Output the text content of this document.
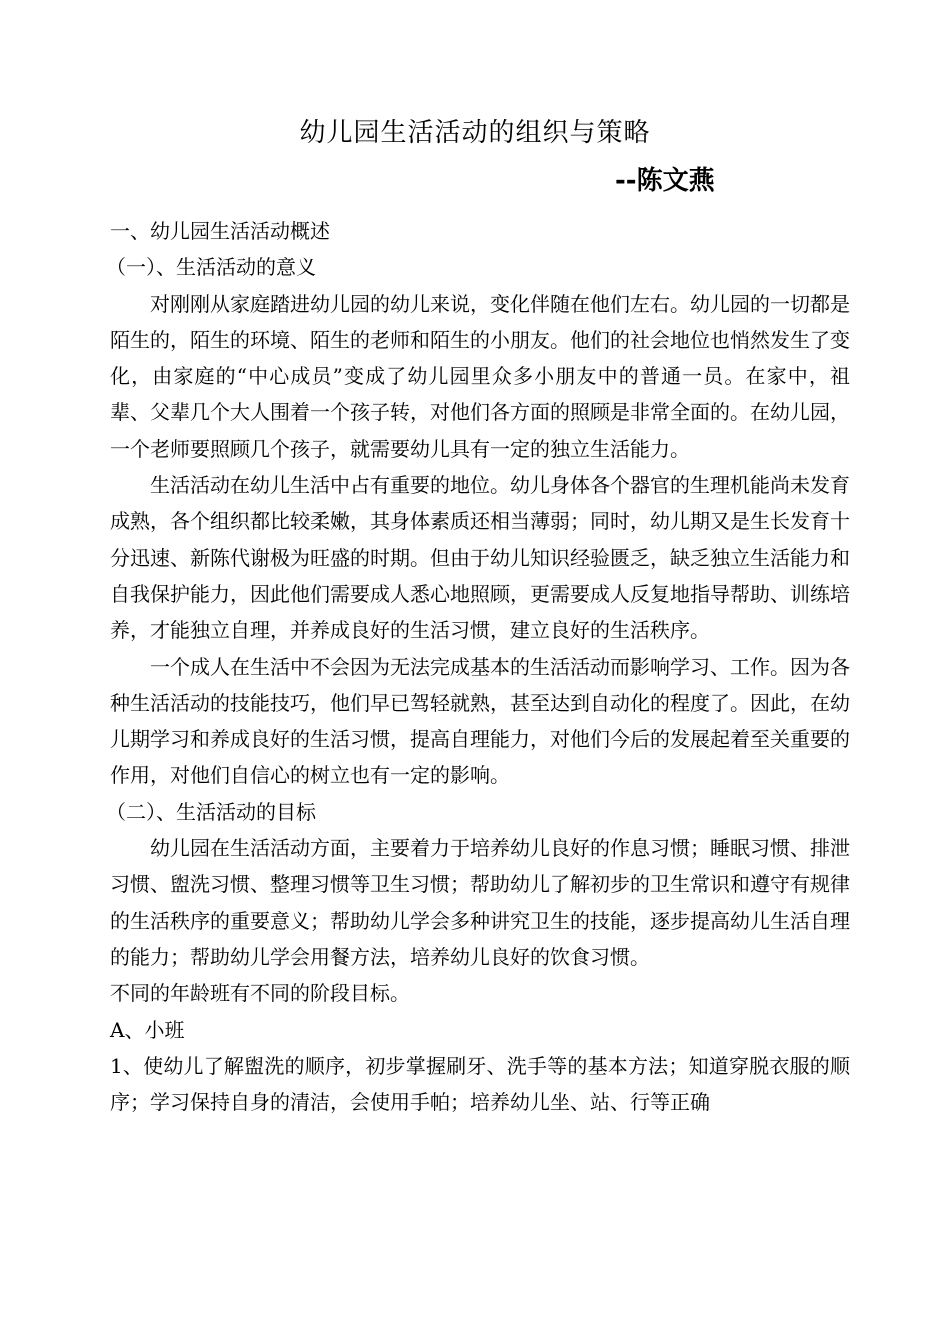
幼儿园生活活动的组织与策略
--陈文燕

一、幼儿园生活活动概述

（一）、生活活动的意义

对刚刚从家庭踏进幼儿园的幼儿来说，变化伴随在他们左右。幼儿园的一切都是陌生的，陌生的环境、陌生的老师和陌生的小朋友。他们的社会地位也悄然发生了变化，由家庭的“中心成员”变成了幼儿园里众多小朋友中的普通一员。在家中，祖辈、父辈几个大人围着一个孩子转，对他们各方面的照顾是非常全面的。在幼儿园，一个老师要照顾几个孩子，就需要幼儿具有一定的独立生活能力。

生活活动在幼儿生活中占有重要的地位。幼儿身体各个器官的生理机能尚未发育成熟，各个组织都比较柔嫩，其身体素质还相当薄弱；同时，幼儿期又是生长发育十分迅速、新陈代谢极为旺盛的时期。但由于幼儿知识经验匮乏，缺乏独立生活能力和自我保护能力，因此他们需要成人悉心地照顾，更需要成人反复地指导帮助、训练培养，才能独立自理，并养成良好的生活习惯，建立良好的生活秩序。

一个成人在生活中不会因为无法完成基本的生活活动而影响学习、工作。因为各种生活活动的技能技巧，他们早已驾轻就熟，甚至达到自动化的程度了。因此，在幼儿期学习和养成良好的生活习惯，提高自理能力，对他们今后的发展起着至关重要的作用，对他们自信心的树立也有一定的影响。

（二）、生活活动的目标

幼儿园在生活活动方面，主要着力于培养幼儿良好的作息习惯；睡眠习惯、排泄习惯、盥洗习惯、整理习惯等卫生习惯；帮助幼儿了解初步的卫生常识和遵守有规律的生活秩序的重要意义；帮助幼儿学会多种讲究卫生的技能，逐步提高幼儿生活自理的能力；帮助幼儿学会用餐方法，培养幼儿良好的饮食习惯。

不同的年龄班有不同的阶段目标。

A、小班

1、使幼儿了解盥洗的顺序，初步掌握刷牙、洗手等的基本方法；知道穿脱衣服的顺序；学习保持自身的清洁，会使用手帕；培养幼儿坐、站、行等正确
